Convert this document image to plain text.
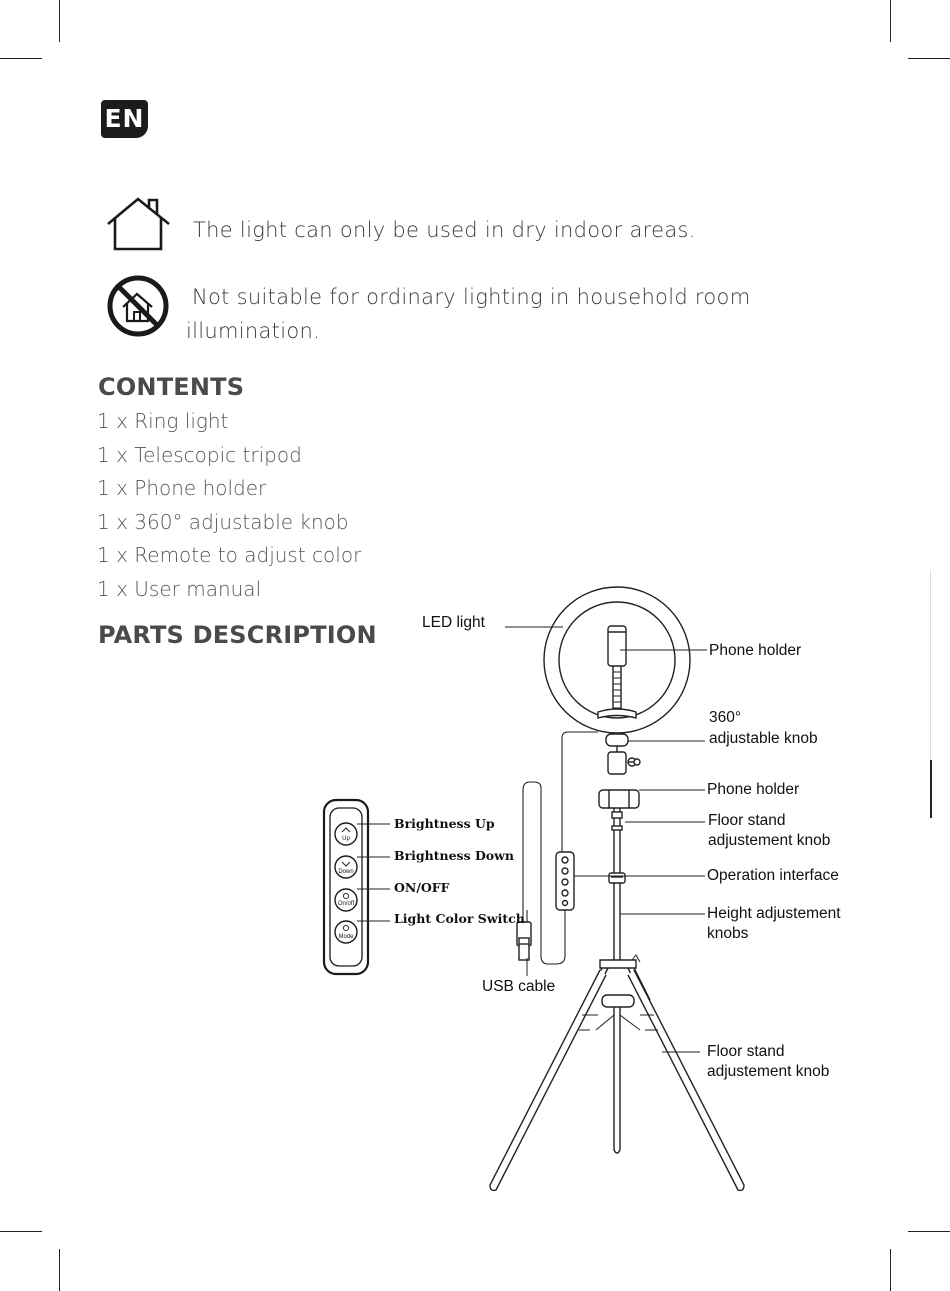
EN
The light can only be used in dry indoor areas.
Not suitable for ordinary lighting in household room
illumination.
CONTENTS
1 x Ring light
1 x Telescopic tripod
1 x Phone holder
1 x 360° adjustable knob
1 x Remote to adjust color
1 x User manual
PARTS DESCRIPTION
Up
Down
On/off
Mode
LED light
Phone holder
360°
adjustable knob
Phone holder
Floor stand
adjustement knob
Operation interface
Height adjustement
knobs
USB cable
Floor stand
adjustement knob
Brightness Up
Brightness Down
ON/OFF
Light Color Switch
